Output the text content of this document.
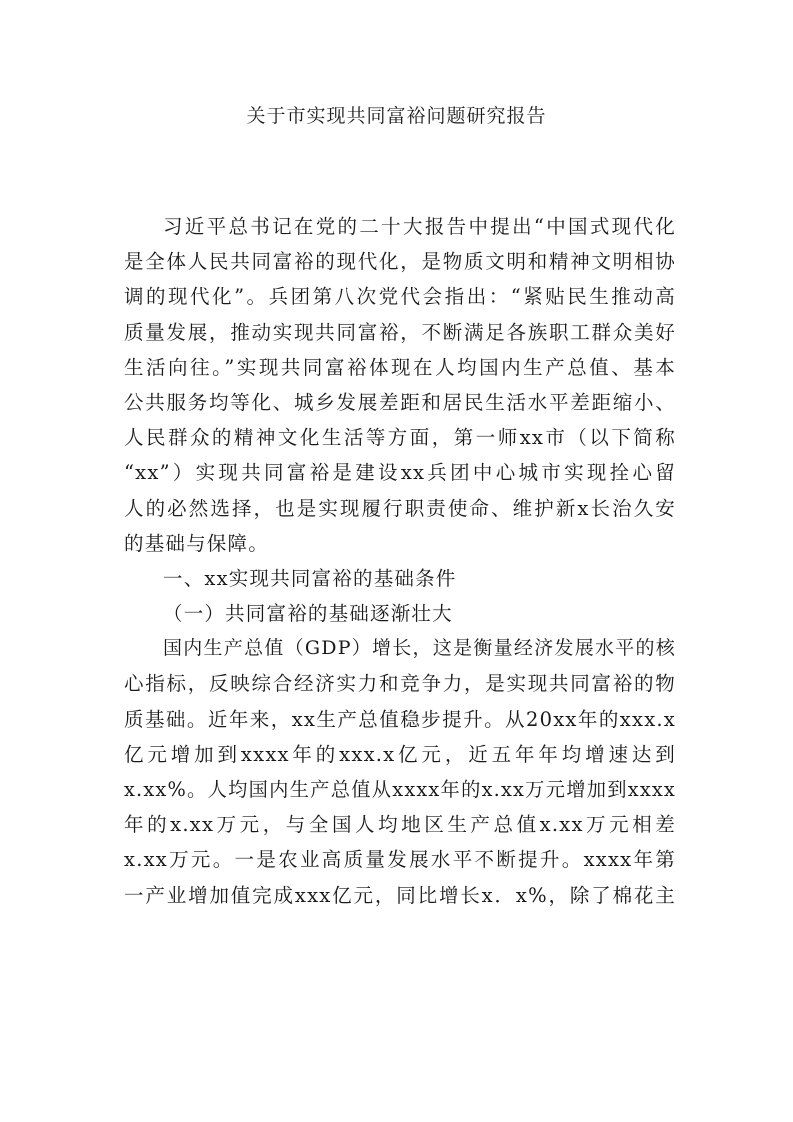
关于市实现共同富裕问题研究报告
习近平总书记在党的二十大报告中提出“中国式现代化
是全体人民共同富裕的现代化，是物质文明和精神文明相协
调的现代化”。兵团第八次党代会指出：“紧贴民生推动高
质量发展，推动实现共同富裕，不断满足各族职工群众美好
生活向往。”实现共同富裕体现在人均国内生产总值、基本
公共服务均等化、城乡发展差距和居民生活水平差距缩小、
人民群众的精神文化生活等方面，第一师xx市（以下简称
“xx”）实现共同富裕是建设xx兵团中心城市实现拴心留
人的必然选择，也是实现履行职责使命、维护新x长治久安
的基础与保障。
一、xx实现共同富裕的基础条件
（一）共同富裕的基础逐渐壮大
国内生产总值（GDP）增长，这是衡量经济发展水平的核
心指标，反映综合经济实力和竞争力，是实现共同富裕的物
质基础。近年来，xx生产总值稳步提升。从20xx年的xxx.x
亿元增加到xxxx年的xxx.x亿元，近五年年均增速达到
x.xx%。人均国内生产总值从xxxx年的x.xx万元增加到xxxx
年的x.xx万元，与全国人均地区生产总值x.xx万元相差
x.xx万元。一是农业高质量发展水平不断提升。xxxx年第
一产业增加值完成xxx亿元，同比增长x．x%，除了棉花主
